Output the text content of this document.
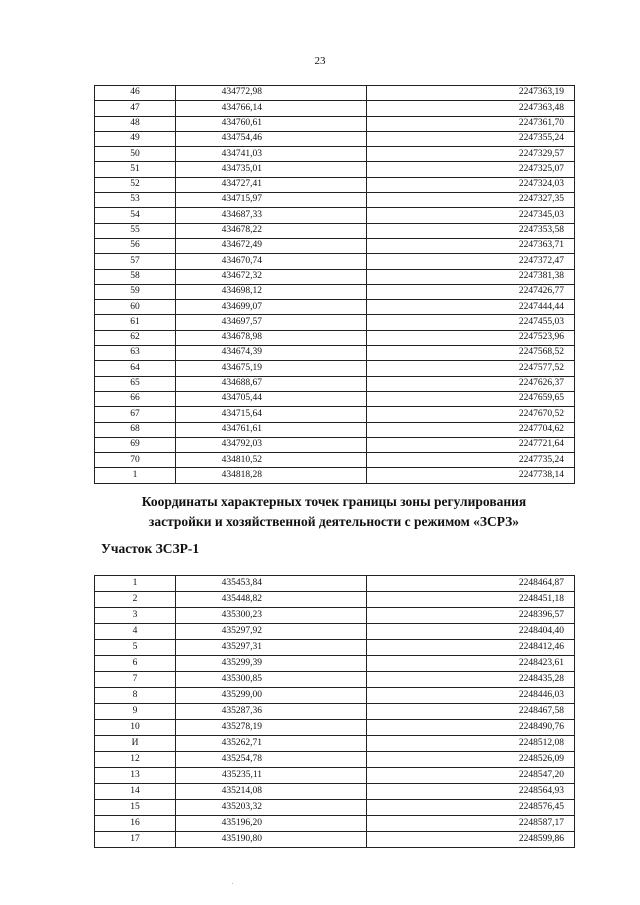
23
46	434772,98	2247363,19
47	434766,14	2247363,48
48	434760,61	2247361,70
49	434754,46	2247355,24
50	434741,03	2247329,57
51	434735,01	2247325,07
52	434727,41	2247324,03
53	434715,97	2247327,35
54	434687,33	2247345,03
55	434678,22	2247353,58
56	434672,49	2247363,71
57	434670,74	2247372,47
58	434672,32	2247381,38
59	434698,12	2247426,77
60	434699,07	2247444,44
61	434697,57	2247455,03
62	434678,98	2247523,96
63	434674,39	2247568,52
64	434675,19	2247577,52
65	434688,67	2247626,37
66	434705,44	2247659,65
67	434715,64	2247670,52
68	434761,61	2247704,62
69	434792,03	2247721,64
70	434810,52	2247735,24
1	434818,28	2247738,14
Координаты характерных точек границы зоны регулирования
застройки и хозяйственной деятельности с режимом «ЗСРЗ»
Участок ЗСЗР-1
1	435453,84	2248464,87
2	435448,82	2248451,18
3	435300,23	2248396,57
4	435297,92	2248404,40
5	435297,31	2248412,46
6	435299,39	2248423,61
7	435300,85	2248435,28
8	435299,00	2248446,03
9	435287,36	2248467,58
10	435278,19	2248490,76
И	435262,71	2248512,08
12	435254,78	2248526,09
13	435235,11	2248547,20
14	435214,08	2248564,93
15	435203,32	2248576,45
16	435196,20	2248587,17
17	435190,80	2248599,86
